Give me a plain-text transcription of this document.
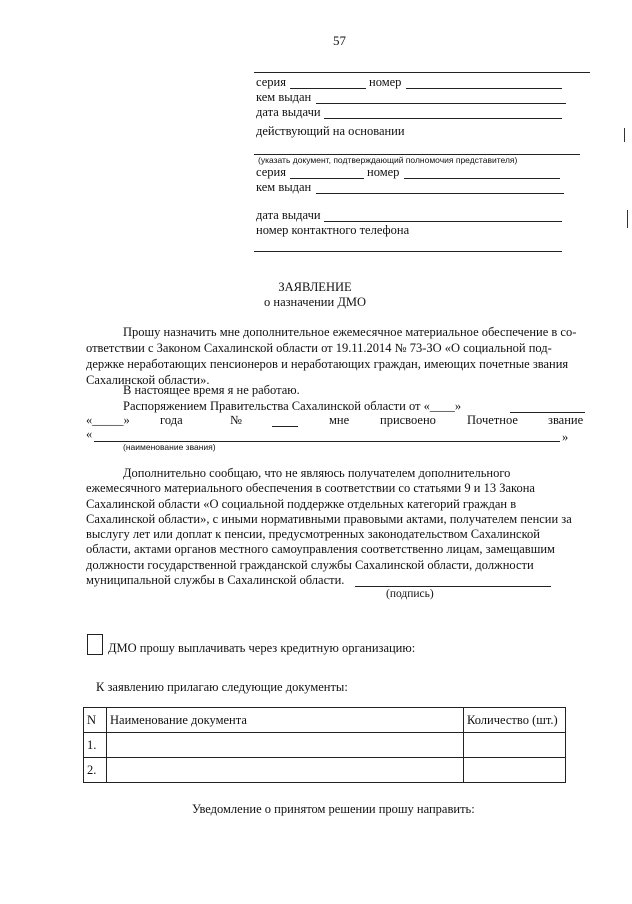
57
серия	номер
кем выдан
дата выдачи
действующий на основании
(указать документ, подтверждающий полномочия представителя)
серия	номер
кем выдан
дата выдачи
номер контактного телефона
ЗАЯВЛЕНИЕ
о назначении ДМО
Прошу назначить мне дополнительное ежемесячное материальное обеспечение в со-
ответствии с Законом Сахалинской области от 19.11.2014 № 73-ЗО «О социальной под-
держке неработающих пенсионеров и неработающих граждан, имеющих почетные звания
Сахалинской области».
В настоящее время я не работаю.
Распоряжением Правительства Сахалинской области от «____»
«_____» года	№	мне присвоено Почетное звание
«	»
(наименование звания)
Дополнительно сообщаю, что не являюсь получателем дополнительного
ежемесячного материального обеспечения в соответствии со статьями 9 и 13 Закона
Сахалинской области «О социальной поддержке отдельных категорий граждан в
Сахалинской области», с иными нормативными правовыми актами, получателем пенсии за
выслугу лет или доплат к пенсии, предусмотренных законодательством Сахалинской
области, актами органов местного самоуправления соответственно лицам, замещавшим
должности государственной гражданской службы Сахалинской области, должности
муниципальной службы в Сахалинской области.
(подпись)
ДМО прошу выплачивать через кредитную организацию:
К заявлению прилагаю следующие документы:
N	Наименование документа	Количество (шт.)
1.		
2.		
Уведомление о принятом решении прошу направить:
